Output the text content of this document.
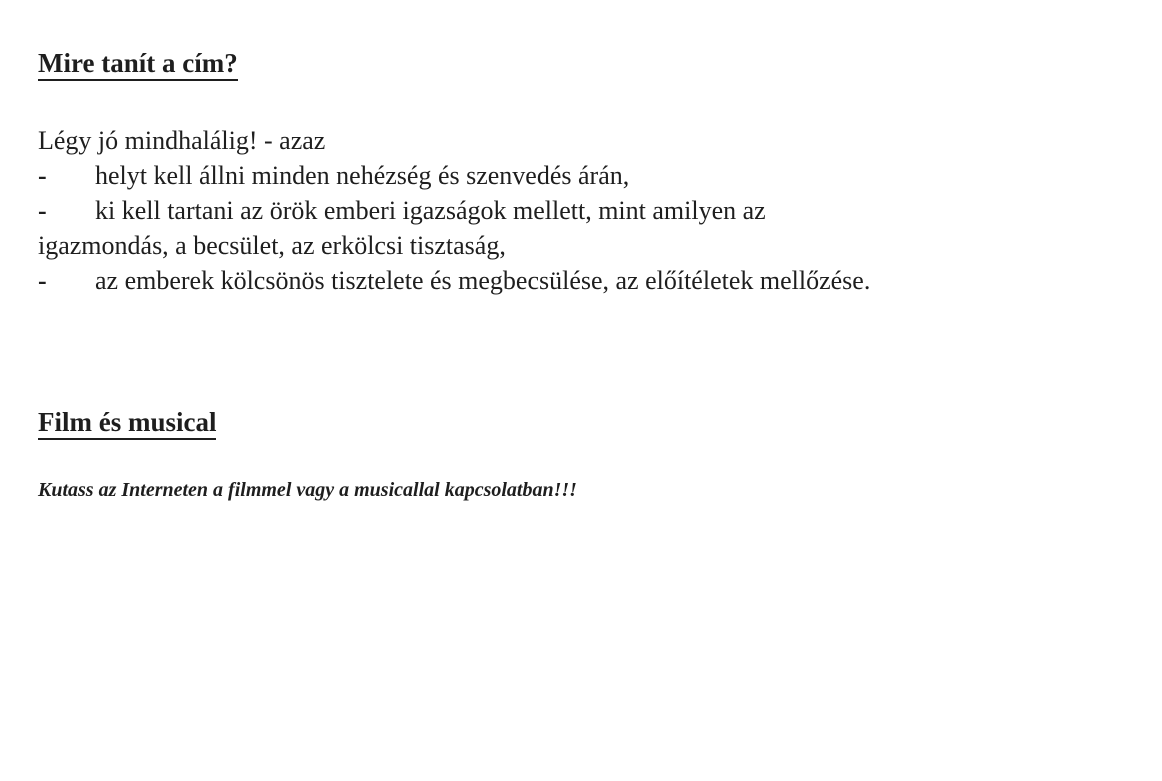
Mire tanít a cím?

Légy jó mindhalálig! - azaz

- helyt kell állni minden nehézség és szenvedés árán,
- ki kell tartani az örök emberi igazságok mellett, mint amilyen az
igazmondás, a becsület, az erkölcsi tisztaság,
- az emberek kölcsönös tisztelete és megbecsülése, az előítéletek mellőzése.
Film és musical

Kutass az Interneten a filmmel vagy a musicallal kapcsolatban!!!
